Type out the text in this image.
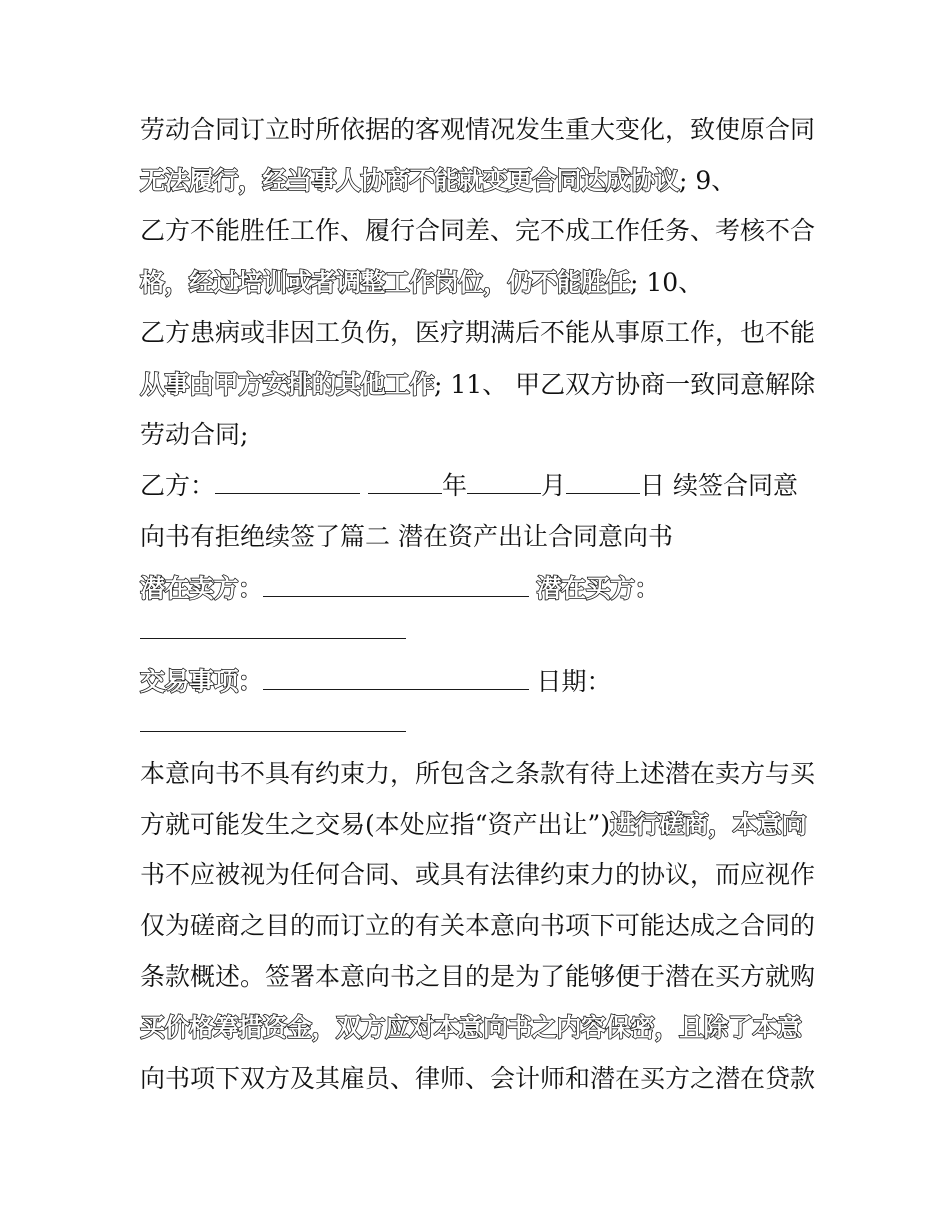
劳动合同订立时所依据的客观情况发生重大变化，致使原合同
无法履行，经当事人协商不能就变更合同达成协议; 9、
乙方不能胜任工作、履行合同差、完不成工作任务、考核不合
格，经过培训或者调整工作岗位，仍不能胜任; 10、
乙方患病或非因工负伤，医疗期满后不能从事原工作，也不能
从事由甲方安排的其他工作; 11、 甲乙双方协商一致同意解除
劳动合同;
乙方：	年	月	日 续签合同意
向书有拒绝续签了篇二 潜在资产出让合同意向书
潜在卖方：	潜在买方：
交易事项：	日期：
本意向书不具有约束力，所包含之条款有待上述潜在卖方与买
方就可能发生之交易(本处应指“资产出让”)进行磋商，本意向
书不应被视为任何合同、或具有法律约束力的协议，而应视作
仅为磋商之目的而订立的有关本意向书项下可能达成之合同的
条款概述。签署本意向书之目的是为了能够便于潜在买方就购
买价格筹措资金，双方应对本意向书之内容保密，且除了本意
向书项下双方及其雇员、律师、会计师和潜在买方之潜在贷款
